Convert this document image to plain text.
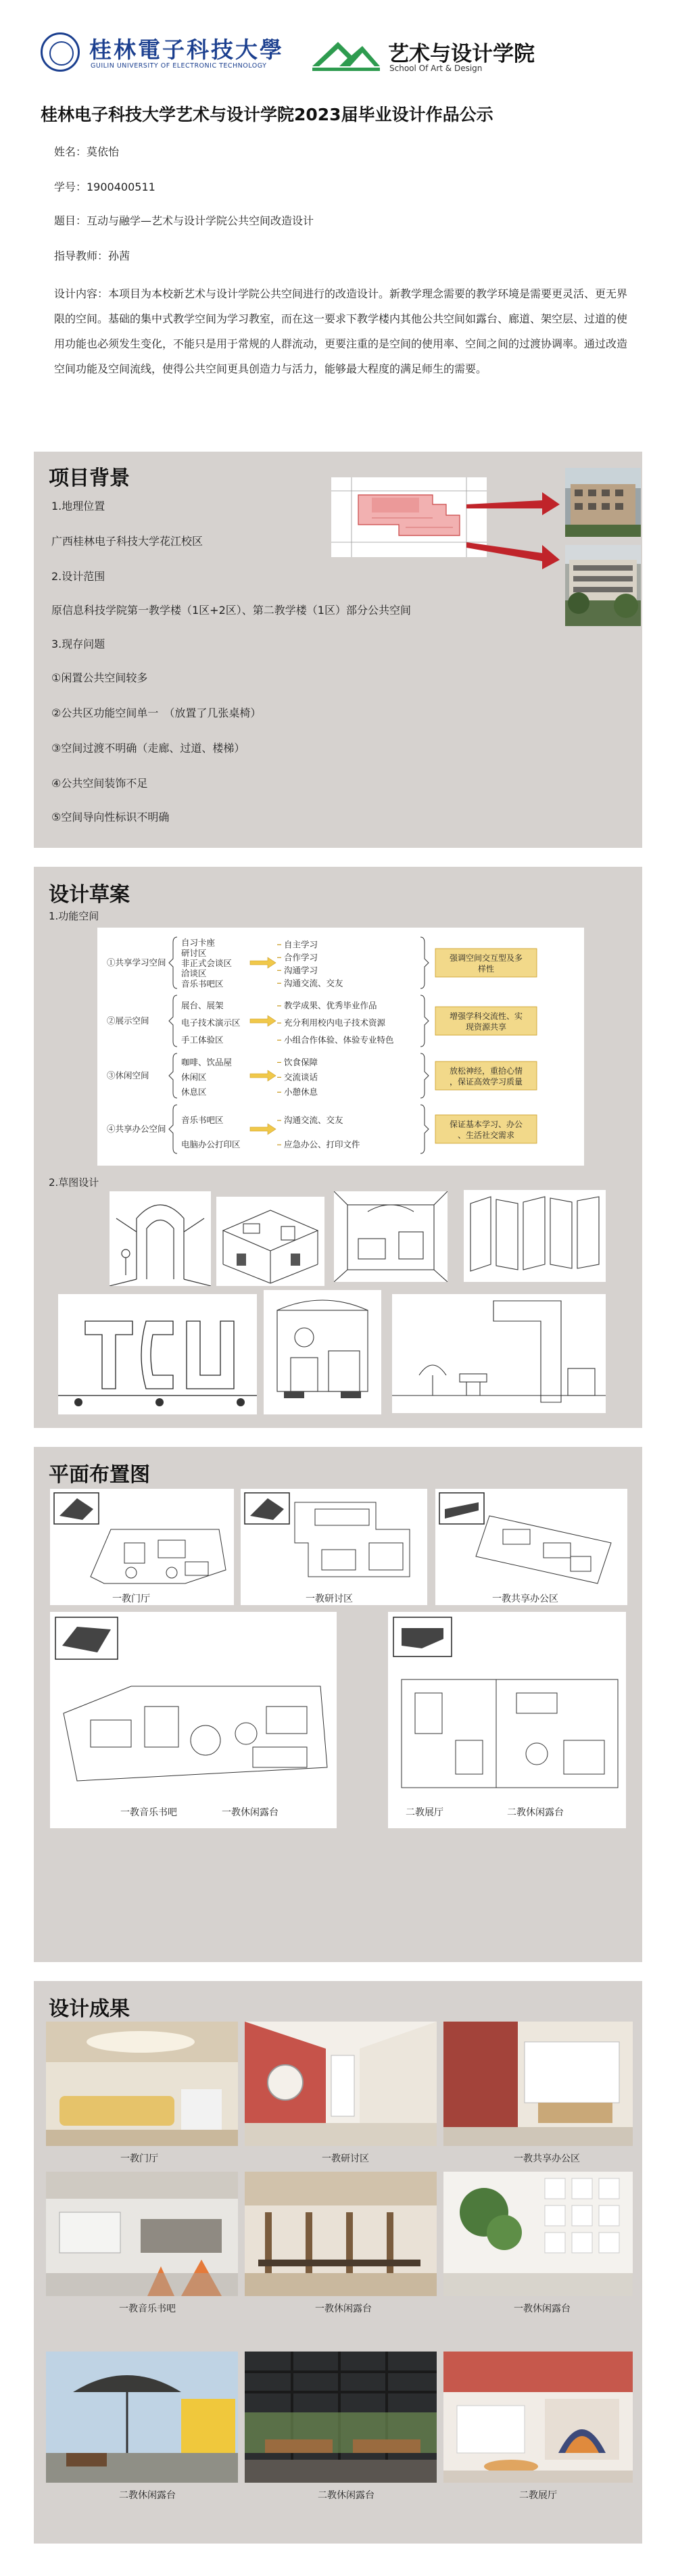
桂林電子科技大學
GUILIN UNIVERSITY OF ELECTRONIC TECHNOLOGY	艺术与设计学院
School Of Art & Design
桂林电子科技大学艺术与设计学院2023届毕业设计作品公示
姓名：莫依怡
学号：1900400511
题目：互动与融学—艺术与设计学院公共空间改造设计
指导教师：孙茜
设计内容：本项目为本校新艺术与设计学院公共空间进行的改造设计。新教学理念需要的教学环境是需要更灵活、更无界限的空间。基础的集中式教学空间为学习教室，而在这一要求下教学楼内其他公共空间如露台、廊道、架空层、过道的使用功能也必须发生变化，不能只是用于常规的人群流动，更要注重的是空间的使用率、空间之间的过渡协调率。通过改造空间功能及空间流线，使得公共空间更具创造力与活力，能够最大程度的满足师生的需要。
项目背景
1.地理位置
广西桂林电子科技大学花江校区
2.设计范围
原信息科技学院第一教学楼（1区+2区）、第二教学楼（1区）部分公共空间
3.现存问题
①闲置公共空间较多
②公共区功能空间单一　（放置了几张桌椅）
③空间过渡不明确（走廊、过道、楼梯）
④公共空间装饰不足
⑤空间导向性标识不明确
设计草案
1.功能空间
①共享学习空间
自习卡座
研讨区
非正式会谈区
洽谈区
音乐书吧区
自主学习
合作学习
沟通学习
沟通交流、交友
强调空间交互型及多样性
②展示空间
展台、展架
电子技术演示区
手工体验区
教学成果、优秀毕业作品
充分利用校内电子技术资源
小组合作体验、体验专业特色
增强学科交流性、实现资源共享
③休闲空间
咖啡、饮品屋
休闲区
休息区
饮食保障
交流谈话
小憩休息
放松神经，重拾心情，保证高效学习质量
④共享办公空间
音乐书吧区
电脑办公打印区
沟通交流、交友
应急办公、打印文件
保证基本学习、办公、生活社交需求
2.草图设计
平面布置图
一教门厅	一教研讨区	一教共享办公区
一教音乐书吧	一教休闲露台	二教展厅	二教休闲露台
设计成果
一教门厅	一教研讨区	一教共享办公区
一教音乐书吧	一教休闲露台	一教休闲露台
二教休闲露台	二教休闲露台	二教展厅
